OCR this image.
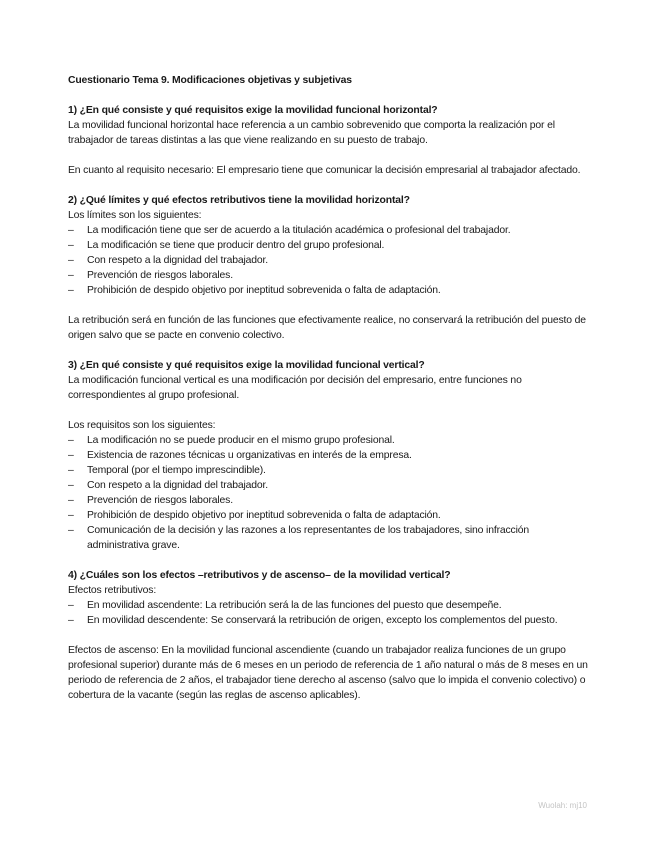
Cuestionario Tema 9. Modificaciones objetivas y subjetivas

1) ¿En qué consiste y qué requisitos exige la movilidad funcional horizontal?

La movilidad funcional horizontal hace referencia a un cambio sobrevenido que comporta la realización por el trabajador de tareas distintas a las que viene realizando en su puesto de trabajo.

En cuanto al requisito necesario: El empresario tiene que comunicar la decisión empresarial al trabajador afectado.

2) ¿Qué límites y qué efectos retributivos tiene la movilidad horizontal?

Los límites son los siguientes:

– La modificación tiene que ser de acuerdo a la titulación académica o profesional del trabajador.
– La modificación se tiene que producir dentro del grupo profesional.
– Con respeto a la dignidad del trabajador.
– Prevención de riesgos laborales.
– Prohibición de despido objetivo por ineptitud sobrevenida o falta de adaptación.

La retribución será en función de las funciones que efectivamente realice, no conservará la retribución del puesto de origen salvo que se pacte en convenio colectivo.

3) ¿En qué consiste y qué requisitos exige la movilidad funcional vertical?

La modificación funcional vertical es una modificación por decisión del empresario, entre funciones no correspondientes al grupo profesional.

Los requisitos son los siguientes:

– La modificación no se puede producir en el mismo grupo profesional.
– Existencia de razones técnicas u organizativas en interés de la empresa.
– Temporal (por el tiempo imprescindible).
– Con respeto a la dignidad del trabajador.
– Prevención de riesgos laborales.
– Prohibición de despido objetivo por ineptitud sobrevenida o falta de adaptación.
– Comunicación de la decisión y las razones a los representantes de los trabajadores, sino infracción administrativa grave.

4) ¿Cuáles son los efectos –retributivos y de ascenso– de la movilidad vertical?

Efectos retributivos:

– En movilidad ascendente: La retribución será la de las funciones del puesto que desempeñe.
– En movilidad descendente: Se conservará la retribución de origen, excepto los complementos del puesto.

Efectos de ascenso: En la movilidad funcional ascendiente (cuando un trabajador realiza funciones de un grupo profesional superior) durante más de 6 meses en un periodo de referencia de 1 año natural o más de 8 meses en un periodo de referencia de 2 años, el trabajador tiene derecho al ascenso (salvo que lo impida el convenio colectivo) o cobertura de la vacante (según las reglas de ascenso aplicables).

Wuolah: mj10
